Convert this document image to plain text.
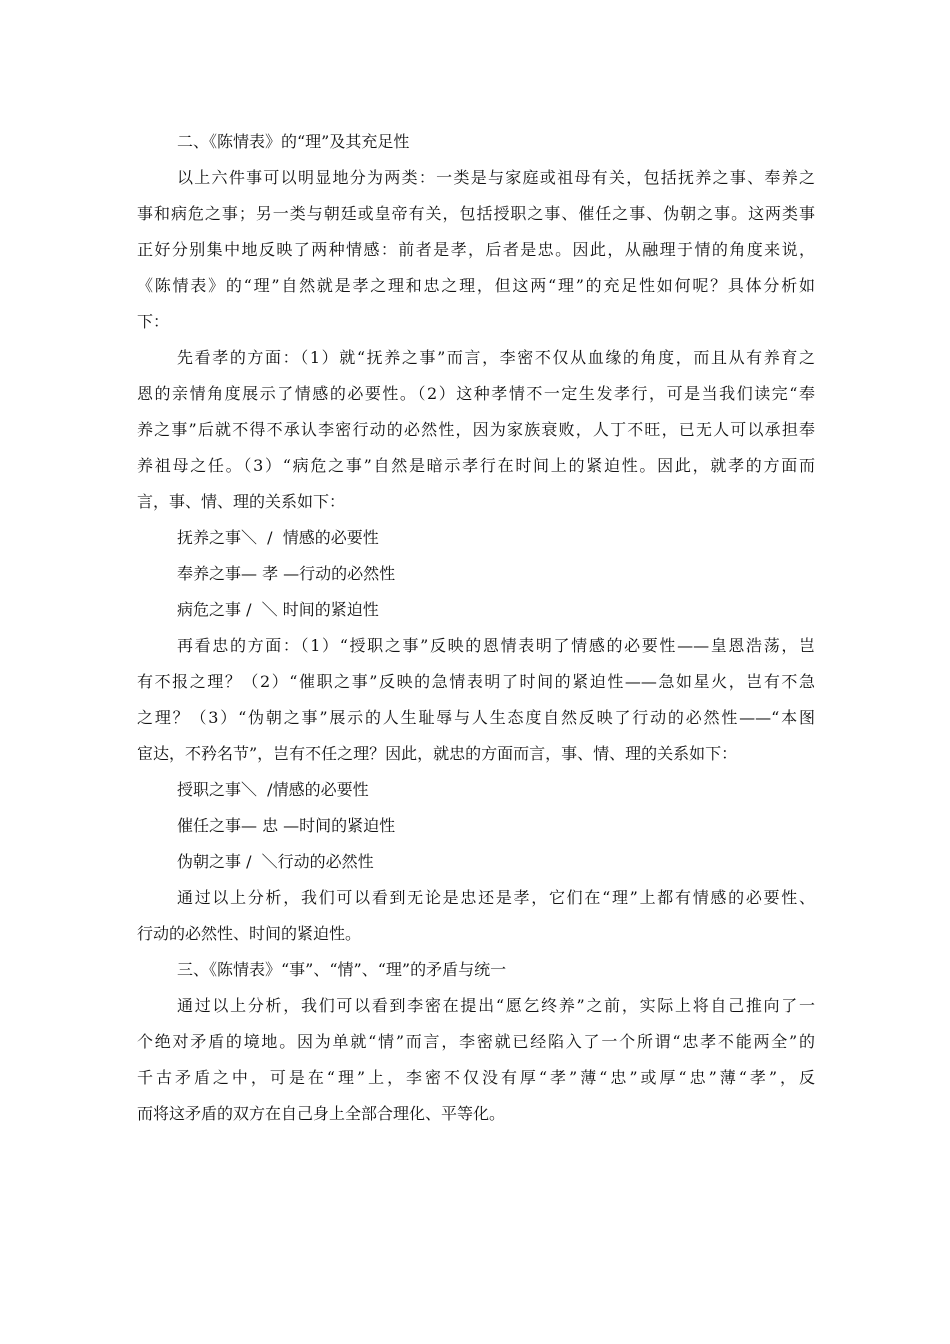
二、《陈情表》的“理”及其充足性
以上六件事可以明显地分为两类：一类是与家庭或祖母有关，包括抚养之事、奉养之
事和病危之事；另一类与朝廷或皇帝有关，包括授职之事、催任之事、伪朝之事。这两类事
正好分别集中地反映了两种情感：前者是孝，后者是忠。因此，从融理于情的角度来说，
《陈情表》的“理”自然就是孝之理和忠之理，但这两“理”的充足性如何呢？具体分析如
下：
先看孝的方面：（1）就“抚养之事”而言，李密不仅从血缘的角度，而且从有养育之
恩的亲情角度展示了情感的必要性。（2）这种孝情不一定生发孝行，可是当我们读完“奉
养之事”后就不得不承认李密行动的必然性，因为家族衰败，人丁不旺，已无人可以承担奉
养祖母之任。（3）“病危之事”自然是暗示孝行在时间上的紧迫性。因此，就孝的方面而
言，事、情、理的关系如下：
抚养之事＼  /  情感的必要性
奉养之事— 孝 —行动的必然性
病危之事 /  ＼ 时间的紧迫性
再看忠的方面：（1）“授职之事”反映的恩情表明了情感的必要性——皇恩浩荡，岂
有不报之理？（2）“催职之事”反映的急情表明了时间的紧迫性——急如星火，岂有不急
之理？（3）“伪朝之事”展示的人生耻辱与人生态度自然反映了行动的必然性——“本图
宦达，不矜名节”，岂有不任之理？因此，就忠的方面而言，事、情、理的关系如下：
授职之事＼  /情感的必要性
催任之事— 忠 —时间的紧迫性
伪朝之事 /  ＼行动的必然性
通过以上分析，我们可以看到无论是忠还是孝，它们在“理”上都有情感的必要性、
行动的必然性、时间的紧迫性。
三、《陈情表》“事”、“情”、“理”的矛盾与统一
通过以上分析，我们可以看到李密在提出“愿乞终养”之前，实际上将自己推向了一
个绝对矛盾的境地。因为单就“情”而言，李密就已经陷入了一个所谓“忠孝不能两全”的
千古矛盾之中，可是在“理”上，李密不仅没有厚“孝”薄“忠”或厚“忠”薄“孝”，反
而将这矛盾的双方在自己身上全部合理化、平等化。
